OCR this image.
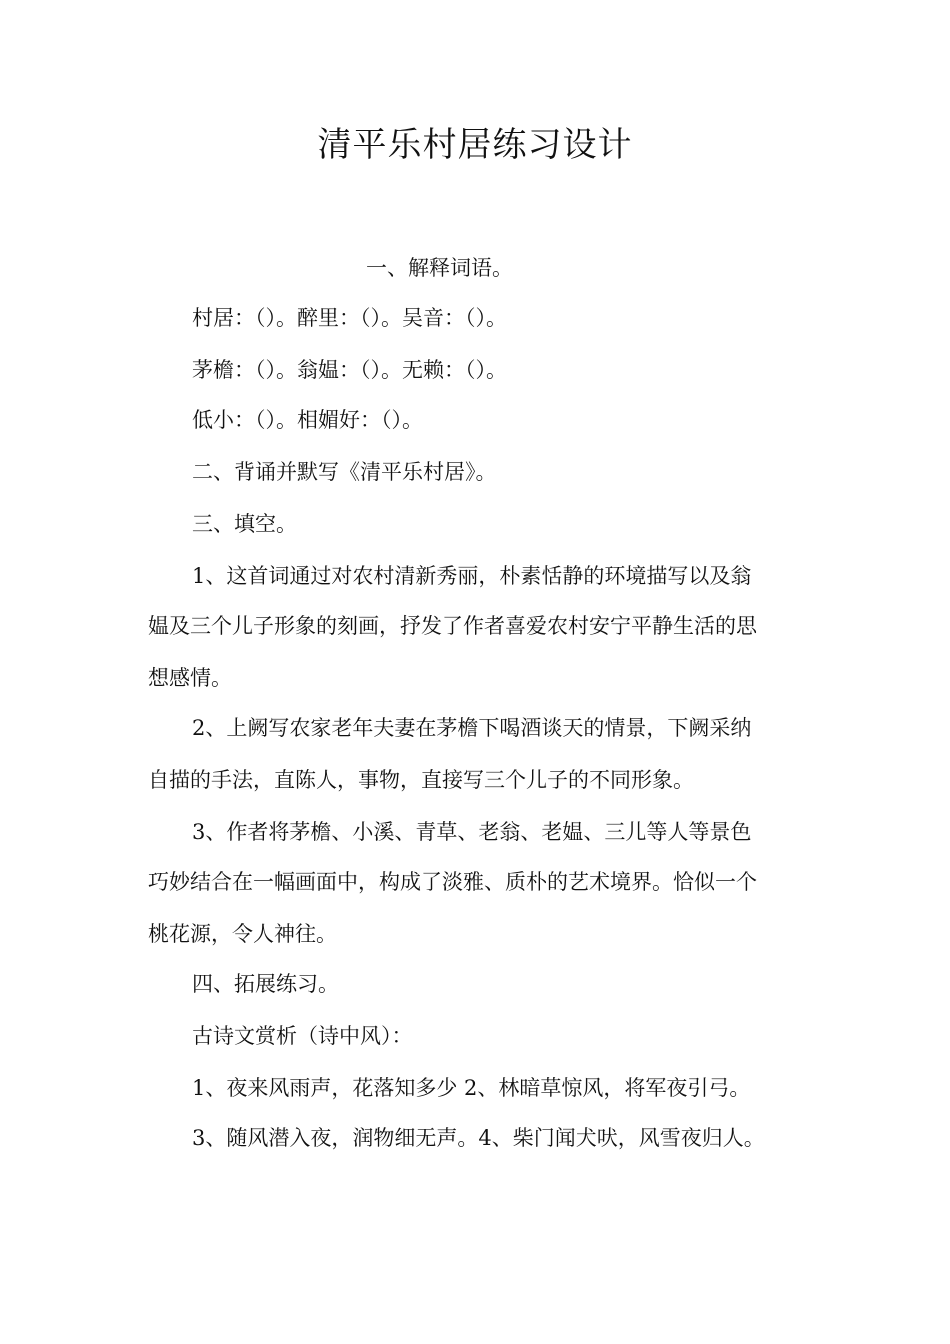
清平乐村居练习设计
一、解释词语。
村居：（）。醉里：（）。吴音：（）。
茅檐：（）。翁媪：（）。无赖：（）。
低小：（）。相媚好：（）。
二、背诵并默写《清平乐村居》。
三、填空。
1、这首词通过对农村清新秀丽，朴素恬静的环境描写以及翁
媪及三个儿子形象的刻画，抒发了作者喜爱农村安宁平静生活的思
想感情。
2、上阙写农家老年夫妻在茅檐下喝酒谈天的情景，下阙采纳
自描的手法，直陈人，事物，直接写三个儿子的不同形象。
3、作者将茅檐、小溪、青草、老翁、老媪、三儿等人等景色
巧妙结合在一幅画面中，构成了淡雅、质朴的艺术境界。恰似一个
桃花源，令人神往。
四、拓展练习。
古诗文赏析（诗中风）：
1、夜来风雨声，花落知多少 2、林暗草惊风，将军夜引弓。
3、随风潜入夜，润物细无声。4、柴门闻犬吠，风雪夜归人。
